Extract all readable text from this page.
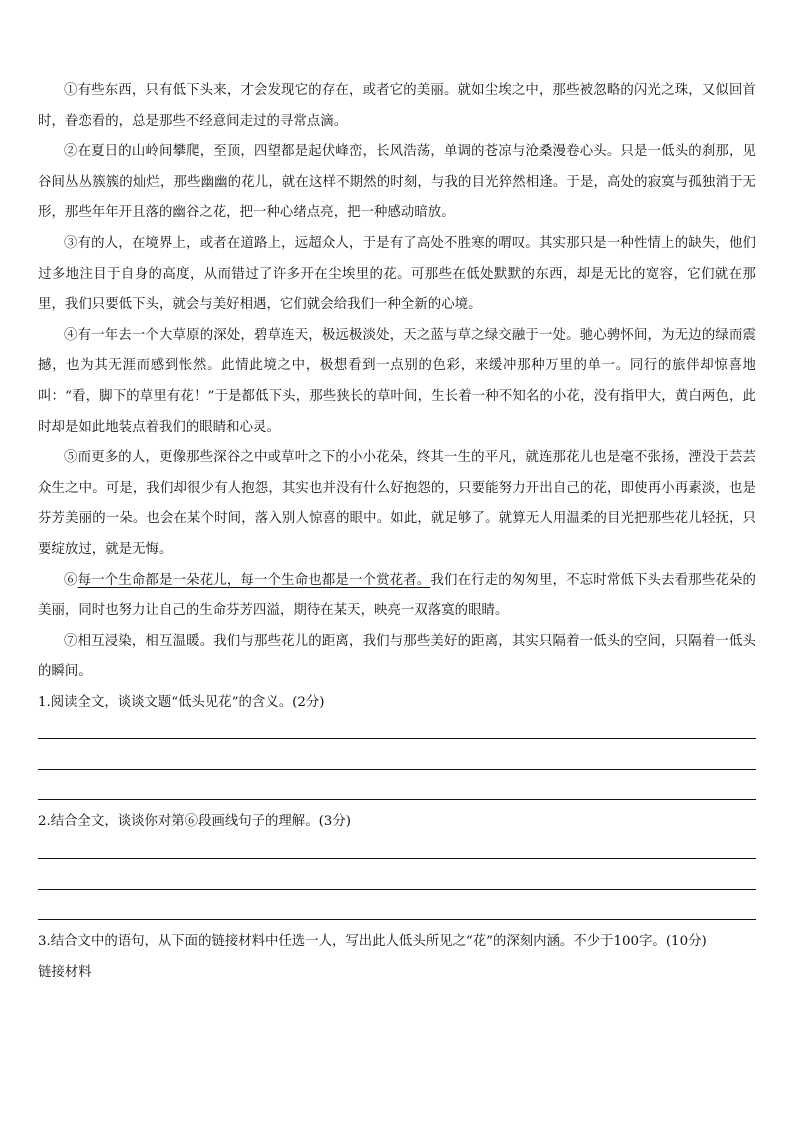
①有些东西，只有低下头来，才会发现它的存在，或者它的美丽。就如尘埃之中，那些被忽略的闪光之珠，又似回首时，眷恋看的，总是那些不经意间走过的寻常点滴。

②在夏日的山岭间攀爬，至顶，四望都是起伏峰峦，长风浩荡，单调的苍凉与沧桑漫卷心头。只是一低头的刹那，见谷间丛丛簇簇的灿烂，那些幽幽的花儿，就在这样不期然的时刻，与我的目光猝然相逢。于是，高处的寂寞与孤独消于无形，那些年年开且落的幽谷之花，把一种心绪点亮，把一种感动暗放。

③有的人，在境界上，或者在道路上，远超众人，于是有了高处不胜寒的喟叹。其实那只是一种性情上的缺失，他们过多地注目于自身的高度，从而错过了许多开在尘埃里的花。可那些在低处默默的东西，却是无比的宽容，它们就在那里，我们只要低下头，就会与美好相遇，它们就会给我们一种全新的心境。

④有一年去一个大草原的深处，碧草连天，极远极淡处，天之蓝与草之绿交融于一处。驰心骋怀间，为无边的绿而震撼，也为其无涯而感到怅然。此情此境之中，极想看到一点别的色彩，来缓冲那种万里的单一。同行的旅伴却惊喜地叫：“看，脚下的草里有花！”于是都低下头，那些狭长的草叶间，生长着一种不知名的小花，没有指甲大，黄白两色，此时却是如此地装点着我们的眼睛和心灵。

⑤而更多的人，更像那些深谷之中或草叶之下的小小花朵，终其一生的平凡，就连那花儿也是毫不张扬，湮没于芸芸众生之中。可是，我们却很少有人抱怨，其实也并没有什么好抱怨的，只要能努力开出自己的花，即使再小再素淡，也是芬芳美丽的一朵。也会在某个时间，落入别人惊喜的眼中。如此，就足够了。就算无人用温柔的目光把那些花儿轻抚，只要绽放过，就是无悔。

⑥每一个生命都是一朵花儿，每一个生命也都是一个赏花者。我们在行走的匆匆里，不忘时常低下头去看那些花朵的美丽，同时也努力让自己的生命芬芳四溢，期待在某天，映亮一双落寞的眼睛。

⑦相互浸染，相互温暖。我们与那些花儿的距离，我们与那些美好的距离，其实只隔着一低头的空间，只隔着一低头的瞬间。

1.阅读全文，谈谈文题“低头见花”的含义。(2分)

2.结合全文，谈谈你对第⑥段画线句子的理解。(3分)

3.结合文中的语句，从下面的链接材料中任选一人，写出此人低头所见之“花”的深刻内涵。不少于100字。(10分)

链接材料
